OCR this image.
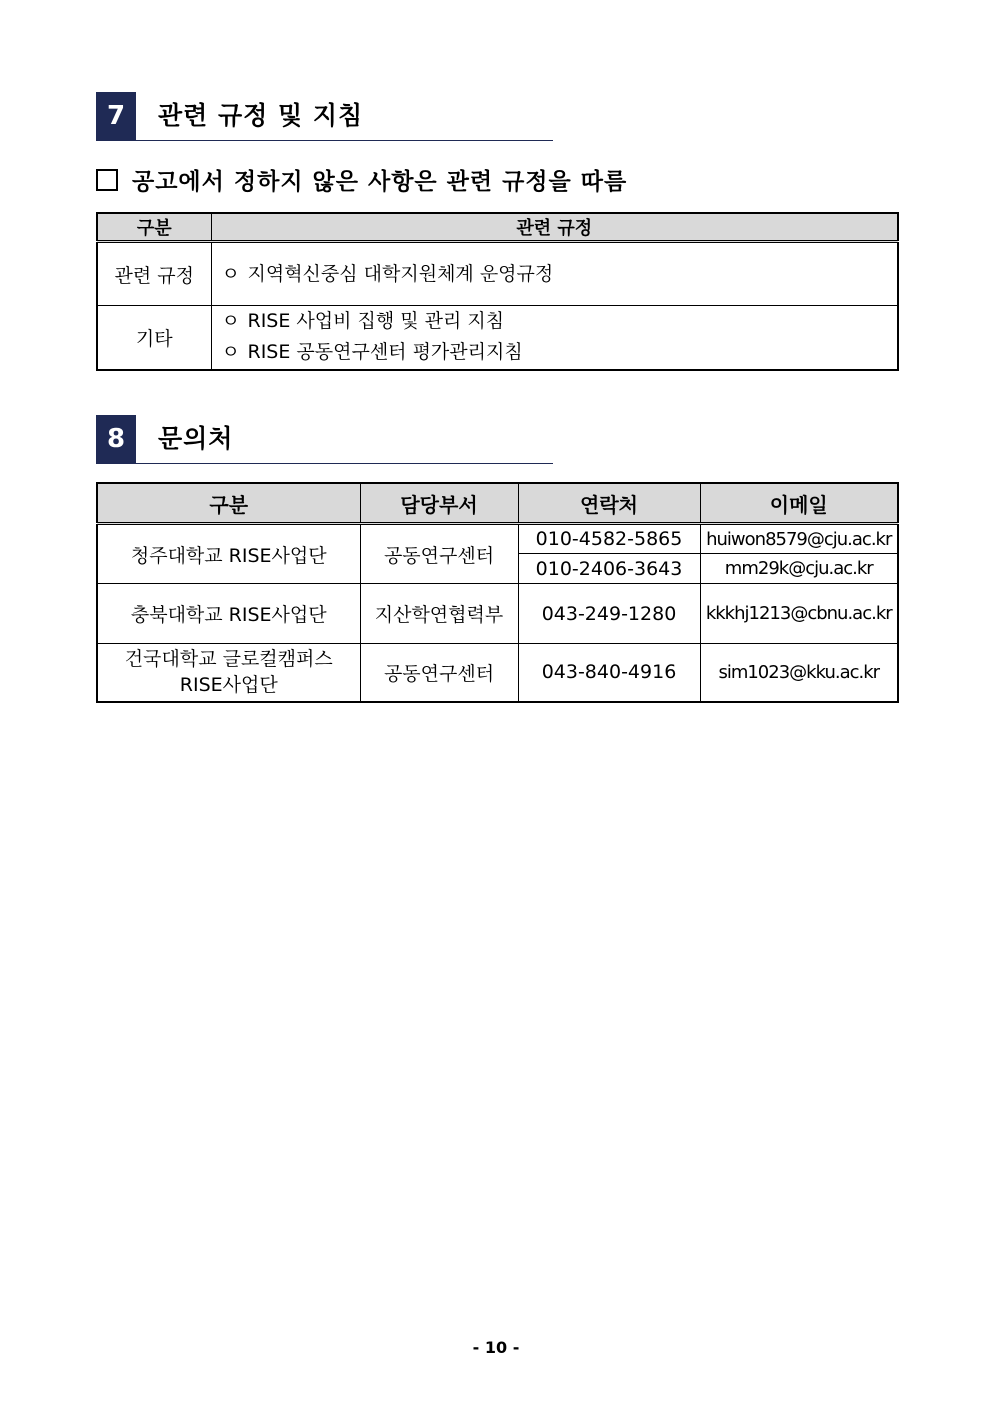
7	관련 규정 및 지침
공고에서 정하지 않은 사항은 관련 규정을 따름
구분	관련 규정
관련 규정	ㅇ 지역혁신중심 대학지원체계 운영규정

기타	ㅇ RISE 사업비 집행 및 관리 지침
ㅇ RISE 공동연구센터 평가관리지침
8	문의처
구분	담당부서	연락처	이메일
청주대학교 RISE사업단	공동연구센터	010-4582-5865	huiwon8579@cju.ac.kr
		010-2406-3643	mm29k@cju.ac.kr
충북대학교 RISE사업단	지산학연협력부	043-249-1280	kkkhj1213@cbnu.ac.kr

건국대학교 글로컬캠퍼스
RISE사업단	공동연구센터	043-840-4916	sim1023@kku.ac.kr
- 10 -
